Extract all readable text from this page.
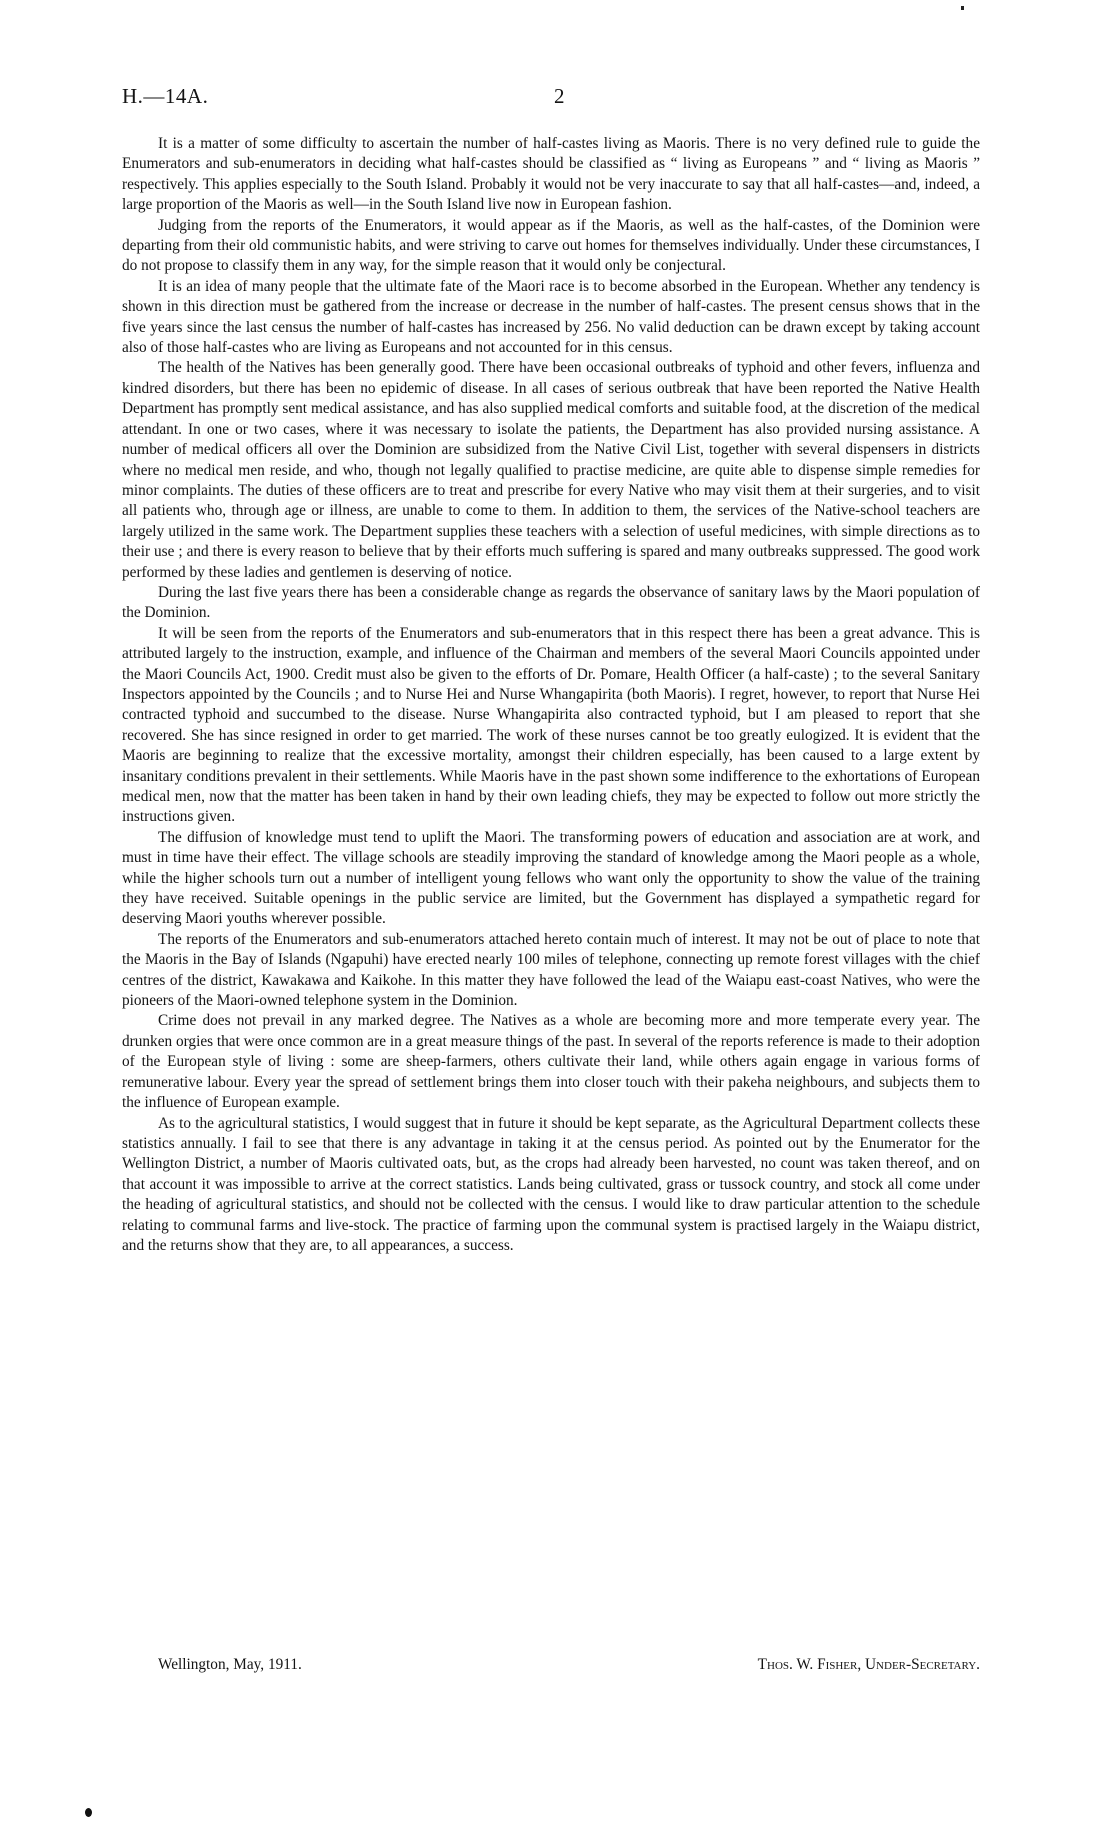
H.—14A.	2

It is a matter of some difficulty to ascertain the number of half-castes living as Maoris. There is no very defined rule to guide the Enumerators and sub-enumerators in deciding what half-castes should be classified as “ living as Europeans ” and “ living as Maoris ” respectively. This applies especially to the South Island. Probably it would not be very inaccurate to say that all half-castes—and, indeed, a large proportion of the Maoris as well—in the South Island live now in European fashion.

Judging from the reports of the Enumerators, it would appear as if the Maoris, as well as the half-castes, of the Dominion were departing from their old communistic habits, and were striving to carve out homes for themselves individually. Under these circumstances, I do not propose to classify them in any way, for the simple reason that it would only be conjectural.

It is an idea of many people that the ultimate fate of the Maori race is to become absorbed in the European. Whether any tendency is shown in this direction must be gathered from the increase or decrease in the number of half-castes. The present census shows that in the five years since the last census the number of half-castes has increased by 256. No valid deduction can be drawn except by taking account also of those half-castes who are living as Europeans and not accounted for in this census.

The health of the Natives has been generally good. There have been occasional outbreaks of typhoid and other fevers, influenza and kindred disorders, but there has been no epidemic of disease. In all cases of serious outbreak that have been reported the Native Health Department has promptly sent medical assistance, and has also supplied medical comforts and suitable food, at the discretion of the medical attendant. In one or two cases, where it was necessary to isolate the patients, the Department has also provided nursing assistance. A number of medical officers all over the Dominion are subsidized from the Native Civil List, together with several dispensers in districts where no medical men reside, and who, though not legally qualified to practise medicine, are quite able to dispense simple remedies for minor complaints. The duties of these officers are to treat and prescribe for every Native who may visit them at their surgeries, and to visit all patients who, through age or illness, are unable to come to them. In addition to them, the services of the Native-school teachers are largely utilized in the same work. The Department supplies these teachers with a selection of useful medicines, with simple directions as to their use ; and there is every reason to believe that by their efforts much suffering is spared and many outbreaks suppressed. The good work performed by these ladies and gentlemen is deserving of notice.

During the last five years there has been a considerable change as regards the observance of sanitary laws by the Maori population of the Dominion.

It will be seen from the reports of the Enumerators and sub-enumerators that in this respect there has been a great advance. This is attributed largely to the instruction, example, and influence of the Chairman and members of the several Maori Councils appointed under the Maori Councils Act, 1900. Credit must also be given to the efforts of Dr. Pomare, Health Officer (a half-caste) ; to the several Sanitary Inspectors appointed by the Councils ; and to Nurse Hei and Nurse Whangapirita (both Maoris). I regret, however, to report that Nurse Hei contracted typhoid and succumbed to the disease. Nurse Whangapirita also contracted typhoid, but I am pleased to report that she recovered. She has since resigned in order to get married. The work of these nurses cannot be too greatly eulogized. It is evident that the Maoris are beginning to realize that the excessive mortality, amongst their children especially, has been caused to a large extent by insanitary conditions prevalent in their settlements. While Maoris have in the past shown some indifference to the exhortations of European medical men, now that the matter has been taken in hand by their own leading chiefs, they may be expected to follow out more strictly the instructions given.

The diffusion of knowledge must tend to uplift the Maori. The transforming powers of education and association are at work, and must in time have their effect. The village schools are steadily improving the standard of knowledge among the Maori people as a whole, while the higher schools turn out a number of intelligent young fellows who want only the opportunity to show the value of the training they have received. Suitable openings in the public service are limited, but the Government has displayed a sympathetic regard for deserving Maori youths wherever possible.

The reports of the Enumerators and sub-enumerators attached hereto contain much of interest. It may not be out of place to note that the Maoris in the Bay of Islands (Ngapuhi) have erected nearly 100 miles of telephone, connecting up remote forest villages with the chief centres of the district, Kawakawa and Kaikohe. In this matter they have followed the lead of the Waiapu east-coast Natives, who were the pioneers of the Maori-owned telephone system in the Dominion.

Crime does not prevail in any marked degree. The Natives as a whole are becoming more and more temperate every year. The drunken orgies that were once common are in a great measure things of the past. In several of the reports reference is made to their adoption of the European style of living : some are sheep-farmers, others cultivate their land, while others again engage in various forms of remunerative labour. Every year the spread of settlement brings them into closer touch with their pakeha neighbours, and subjects them to the influence of European example.

As to the agricultural statistics, I would suggest that in future it should be kept separate, as the Agricultural Department collects these statistics annually. I fail to see that there is any advantage in taking it at the census period. As pointed out by the Enumerator for the Wellington District, a number of Maoris cultivated oats, but, as the crops had already been harvested, no count was taken thereof, and on that account it was impossible to arrive at the correct statistics. Lands being cultivated, grass or tussock country, and stock all come under the heading of agricultural statistics, and should not be collected with the census. I would like to draw particular attention to the schedule relating to communal farms and live-stock. The practice of farming upon the communal system is practised largely in the Waiapu district, and the returns show that they are, to all appearances, a success.

Wellington, May, 1911.	Thos. W. Fisher, Under-Secretary.
